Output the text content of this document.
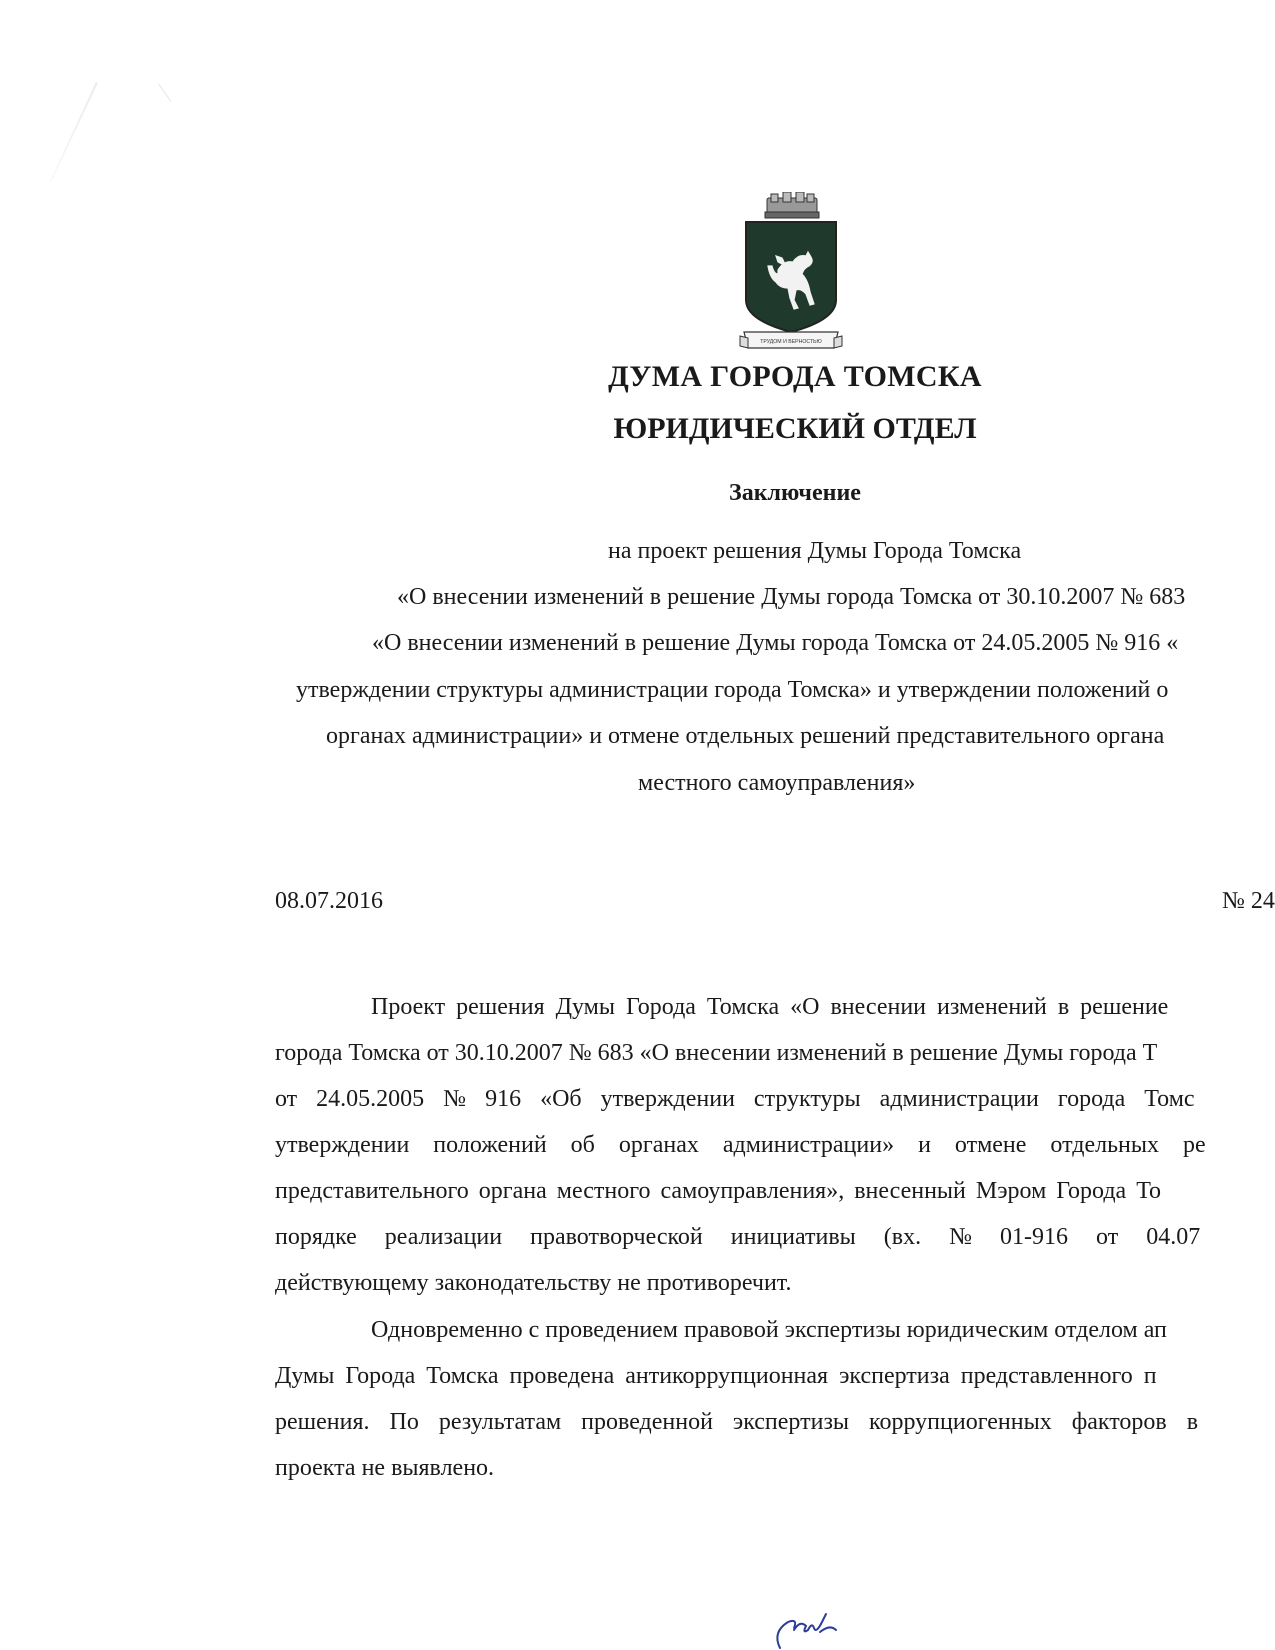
ТРУДОМ И ВЕРНОСТЬЮ
ДУМА ГОРОДА ТОМСКА
ЮРИДИЧЕСКИЙ ОТДЕЛ
Заключение
на проект решения Думы Города Томска
«О внесении изменений в решение Думы города Томска от 30.10.2007 № 683
«О внесении изменений в решение Думы города Томска от 24.05.2005 № 916 «
утверждении структуры администрации города Томска» и утверждении положений о
органах администрации» и отмене отдельных решений представительного органа
местного самоуправления»
08.07.2016	№ 24
Проект решения Думы Города Томска «О внесении изменений в решение
города Томска от 30.10.2007 № 683 «О внесении изменений в решение Думы города Т
от 24.05.2005 № 916 «Об утверждении структуры администрации города Томс
утверждении положений об органах администрации» и отмене отдельных ре
представительного органа местного самоуправления», внесенный Мэром Города То
порядке реализации правотворческой инициативы (вх. № 01-916 от 04.07
действующему законодательству не противоречит.
Одновременно с проведением правовой экспертизы юридическим отделом ап
Думы Города Томска проведена антикоррупционная экспертиза представленного п
решения. По результатам проведенной экспертизы коррупциогенных факторов в
проекта не выявлено.
